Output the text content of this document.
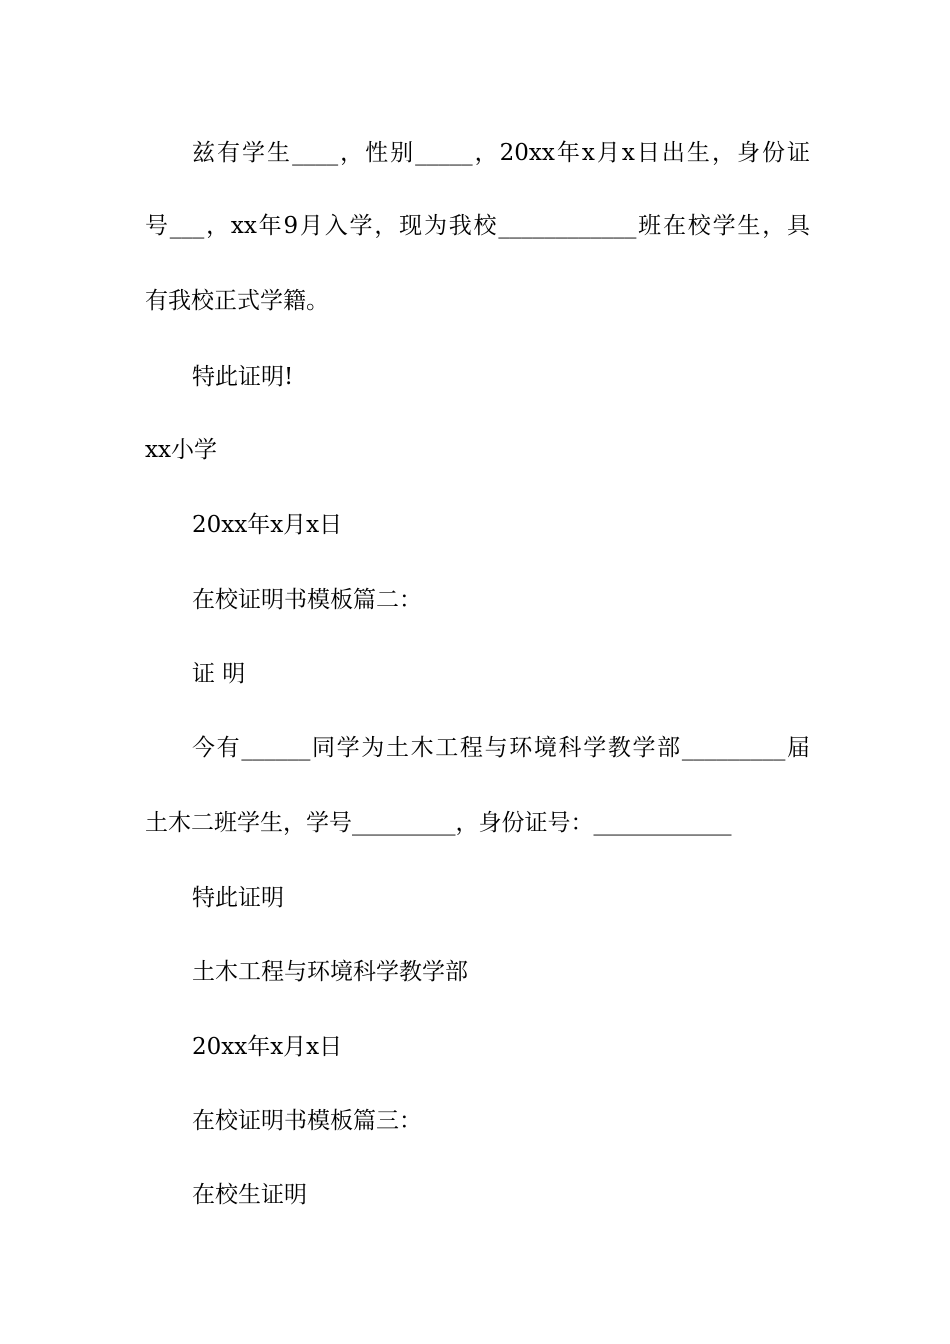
兹有学生____，性别_____，20xx年x月x日出生，身份证
号___，xx年9月入学，现为我校____________班在校学生，具
有我校正式学籍。
特此证明!
xx小学
20xx年x月x日
在校证明书模板篇二：
证 明
今有______同学为土木工程与环境科学教学部_________届
土木二班学生，学号_________，身份证号：____________
特此证明
土木工程与环境科学教学部
20xx年x月x日
在校证明书模板篇三：
在校生证明
